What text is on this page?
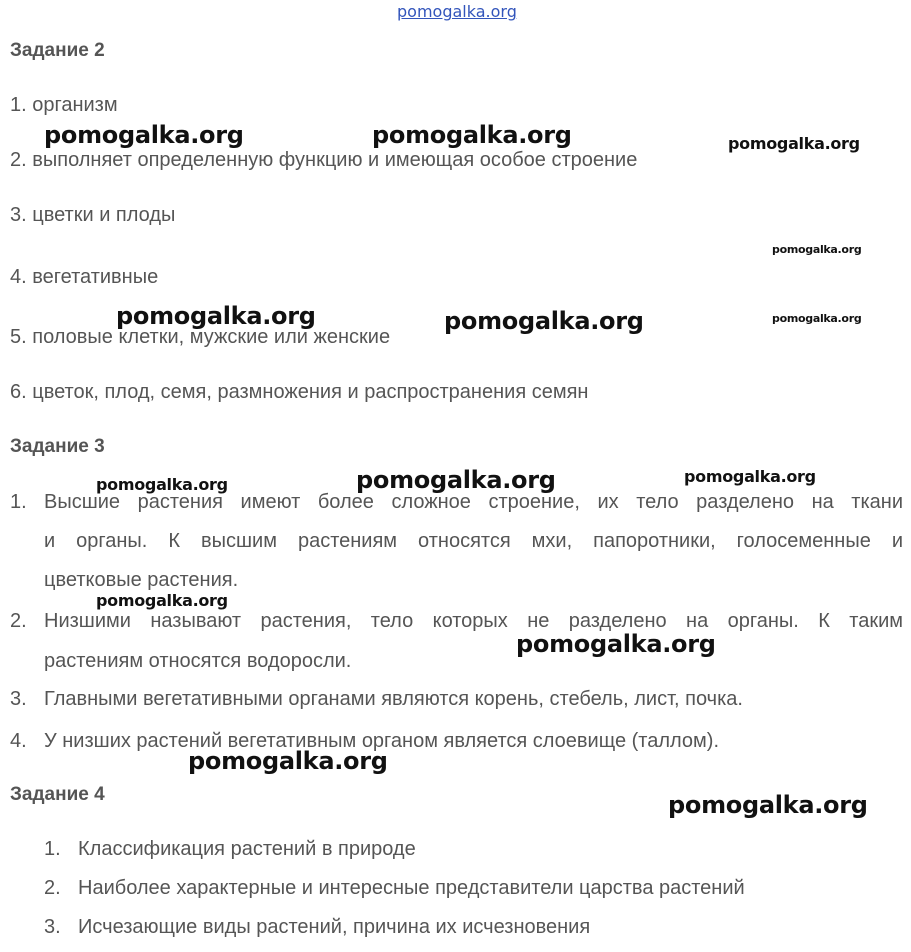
pomogalka.org
Задание 2
1. организм
2. выполняет определенную функцию и имеющая особое строение
3. цветки и плоды
4. вегетативные
5. половые клетки, мужские или женские
6. цветок, плод, семя, размножения и распространения семян
Задание 3
1. Высшие растения имеют более сложное строение, их тело разделено на ткани
и органы. К высшим растениям относятся мхи, папоротники, голосеменные и
цветковые растения.
2. Низшими называют растения, тело которых не разделено на органы. К таким
растениям относятся водоросли.
3. Главными вегетативными органами являются корень, стебель, лист, почка.
4. У низших растений вегетативным органом является слоевище (таллом).
Задание 4
1. Классификация растений в природе
2. Наиболее характерные и интересные представители царства растений
3. Исчезающие виды растений, причина их исчезновения
pomogalka.org	pomogalka.org	pomogalka.org
pomogalka.org
pomogalka.org	pomogalka.org	pomogalka.org
pomogalka.org	pomogalka.org	pomogalka.org
pomogalka.org
pomogalka.org
pomogalka.org
pomogalka.org
